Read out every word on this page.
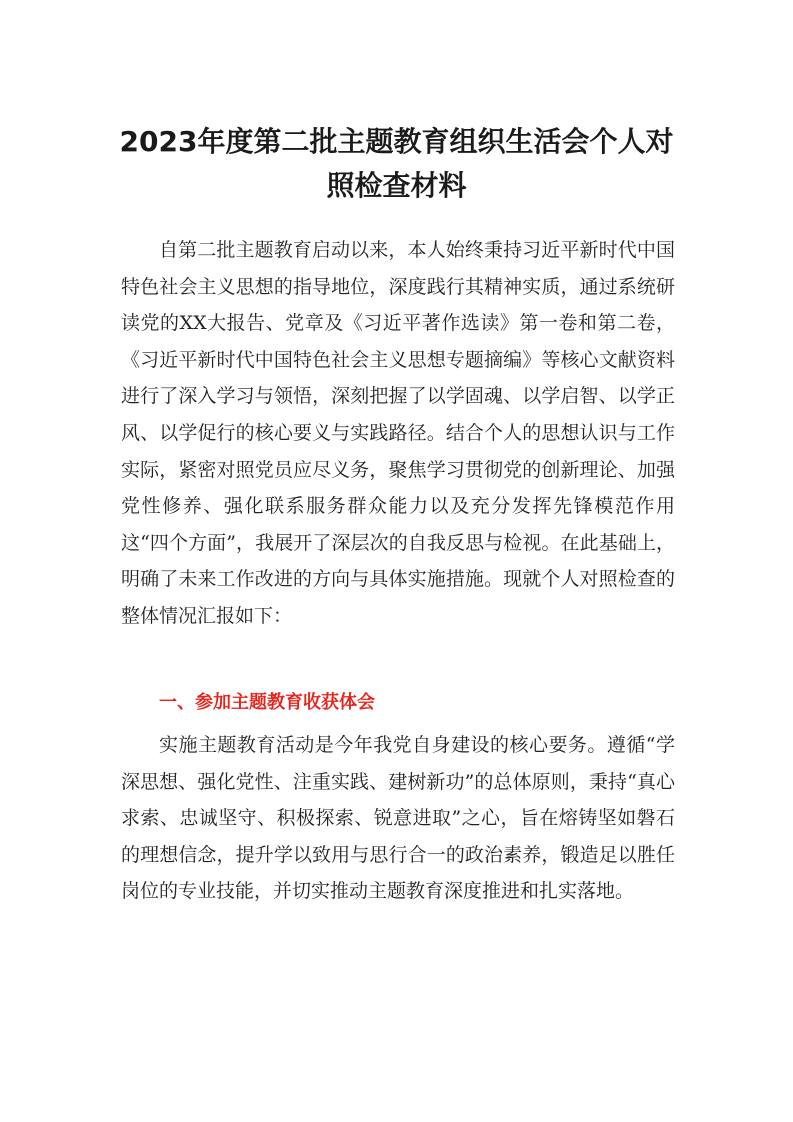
2023年度第二批主题教育组织生活会个人对
照检查材料

自第二批主题教育启动以来，本人始终秉持习近平新时代中国特色社会主义思想的指导地位，深度践行其精神实质，通过系统研读党的XX大报告、党章及《习近平著作选读》第一卷和第二卷，《习近平新时代中国特色社会主义思想专题摘编》等核心文献资料进行了深入学习与领悟，深刻把握了以学固魂、以学启智、以学正风、以学促行的核心要义与实践路径。结合个人的思想认识与工作实际，紧密对照党员应尽义务，聚焦学习贯彻党的创新理论、加强党性修养、强化联系服务群众能力以及充分发挥先锋模范作用这“四个方面”，我展开了深层次的自我反思与检视。在此基础上，明确了未来工作改进的方向与具体实施措施。现就个人对照检查的整体情况汇报如下：

一、参加主题教育收获体会

实施主题教育活动是今年我党自身建设的核心要务。遵循“学深思想、强化党性、注重实践、建树新功”的总体原则，秉持“真心求索、忠诚坚守、积极探索、锐意进取”之心，旨在熔铸坚如磐石的理想信念，提升学以致用与思行合一的政治素养，锻造足以胜任岗位的专业技能，并切实推动主题教育深度推进和扎实落地。
